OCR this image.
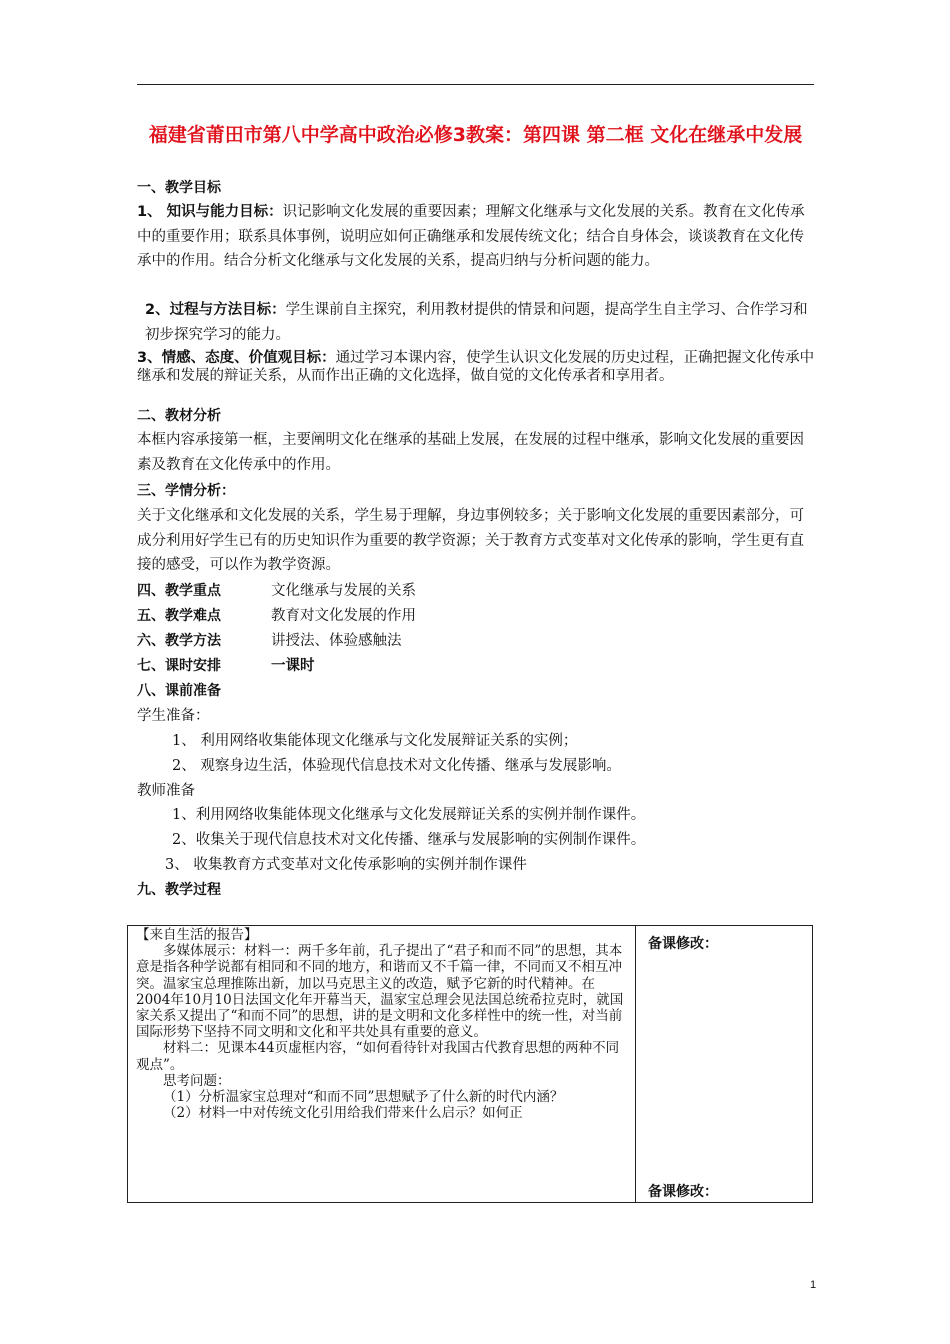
福建省莆田市第八中学高中政治必修3教案：第四课 第二框 文化在继承中发展
一、教学目标
1、 知识与能力目标：识记影响文化发展的重要因素；理解文化继承与文化发展的关系。教育在文化传承中的重要作用；联系具体事例，说明应如何正确继承和发展传统文化；结合自身体会，谈谈教育在文化传承中的作用。结合分析文化继承与文化发展的关系，提高归纳与分析问题的能力。
2、过程与方法目标：学生课前自主探究，利用教材提供的情景和问题，提高学生自主学习、合作学习和初步探究学习的能力。
3、情感、态度、价值观目标：通过学习本课内容，使学生认识文化发展的历史过程，正确把握文化传承中继承和发展的辩证关系，从而作出正确的文化选择，做自觉的文化传承者和享用者。
二、教材分析
本框内容承接第一框，主要阐明文化在继承的基础上发展，在发展的过程中继承，影响文化发展的重要因素及教育在文化传承中的作用。
三、学情分析：
关于文化继承和文化发展的关系，学生易于理解，身边事例较多；关于影响文化发展的重要因素部分，可成分利用好学生已有的历史知识作为重要的教学资源；关于教育方式变革对文化传承的影响，学生更有直接的感受，可以作为教学资源。
四、教学重点	文化继承与发展的关系
五、教学难点	教育对文化发展的作用
六、教学方法	讲授法、体验感触法
七、课时安排	一课时
八、课前准备
学生准备：
1、 利用网络收集能体现文化继承与文化发展辩证关系的实例；
2、 观察身边生活，体验现代信息技术对文化传播、继承与发展影响。
教师准备
1、利用网络收集能体现文化继承与文化发展辩证关系的实例并制作课件。
2、收集关于现代信息技术对文化传播、继承与发展影响的实例制作课件。
3、 收集教育方式变革对文化传承影响的实例并制作课件
九、教学过程

【来自生活的报告】

多媒体展示：材料一：两千多年前，孔子提出了“君子和而不同”的思想，其本意是指各种学说都有相同和不同的地方，和谐而又不千篇一律，不同而又不相互冲突。温家宝总理推陈出新，加以马克思主义的改造，赋予它新的时代精神。在2004年10月10日法国文化年开幕当天，温家宝总理会见法国总统希拉克时，就国家关系又提出了“和而不同”的思想，讲的是文明和文化多样性中的统一性，对当前国际形势下坚持不同文明和文化和平共处具有重要的意义。

材料二：见课本44页虚框内容，“如何看待针对我国古代教育思想的两种不同观点”。

思考问题：

（1）分析温家宝总理对“和而不同”思想赋予了什么新的时代内涵？

（2）材料一中对传统文化引用给我们带来什么启示？如何正

备课修改：
备课修改：
1
